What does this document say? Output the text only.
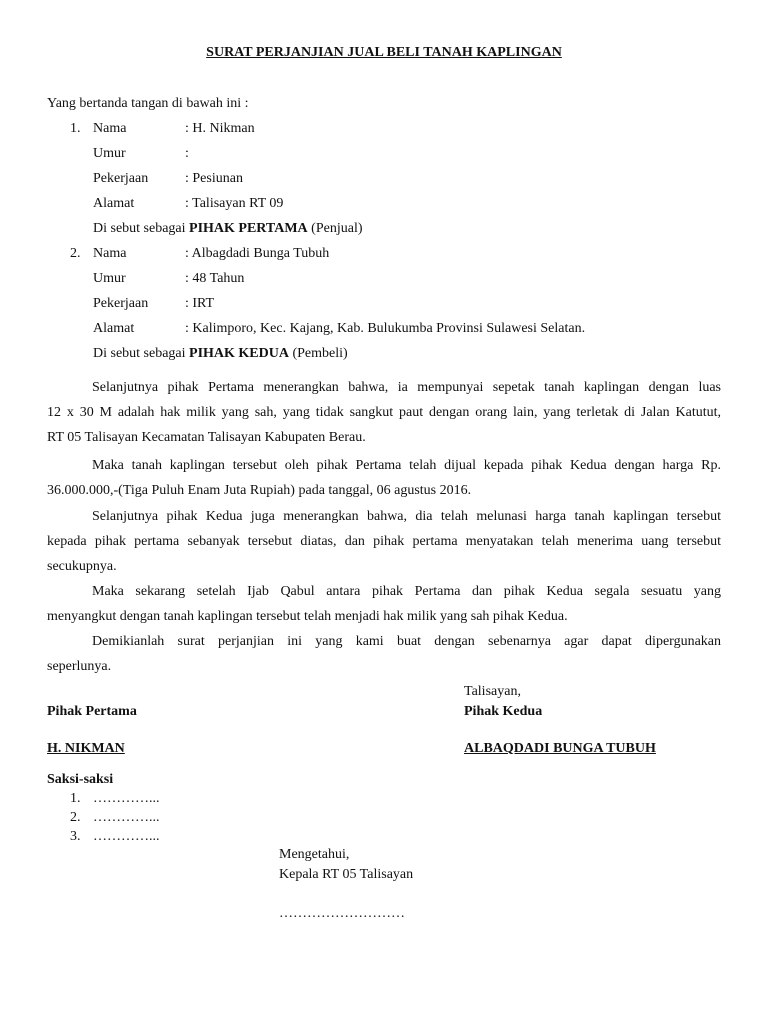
SURAT PERJANJIAN JUAL BELI TANAH KAPLINGAN
Yang bertanda tangan di bawah ini :
1. Nama	: H. Nikman
Umur	:
Pekerjaan	: Pesiunan
Alamat	: Talisayan RT 09
Di sebut sebagai PIHAK PERTAMA (Penjual)
2. Nama	: Albagdadi Bunga Tubuh
Umur	: 48 Tahun
Pekerjaan	: IRT
Alamat	: Kalimporo, Kec. Kajang, Kab. Bulukumba Provinsi Sulawesi Selatan.
Di sebut sebagai PIHAK KEDUA (Pembeli)
Selanjutnya pihak Pertama menerangkan bahwa, ia mempunyai sepetak tanah kaplingan dengan luas
12 x 30 M adalah hak milik yang sah, yang tidak sangkut paut dengan orang lain, yang terletak di Jalan Katutut,
RT 05 Talisayan Kecamatan Talisayan Kabupaten Berau.
Maka tanah kaplingan tersebut oleh pihak Pertama telah dijual kepada pihak Kedua dengan harga Rp.
36.000.000,-(Tiga Puluh Enam Juta Rupiah) pada tanggal, 06 agustus 2016.
Selanjutnya pihak Kedua juga menerangkan bahwa, dia telah melunasi harga tanah kaplingan tersebut
kepada pihak pertama sebanyak tersebut diatas, dan pihak pertama menyatakan telah menerima uang tersebut
secukupnya.
Maka sekarang setelah Ijab Qabul antara pihak Pertama dan pihak Kedua segala sesuatu yang
menyangkut dengan tanah kaplingan tersebut telah menjadi hak milik yang sah pihak Kedua.
Demikianlah surat perjanjian ini yang kami buat dengan sebenarnya agar dapat dipergunakan
seperlunya.
Talisayan,
Pihak Pertama	Pihak Kedua
H. NIKMAN	ALBAQDADI BUNGA TUBUH
Saksi-saksi
1. …………...
2. …………...
3. …………...
Mengetahui,
Kepala RT 05 Talisayan
………………………
